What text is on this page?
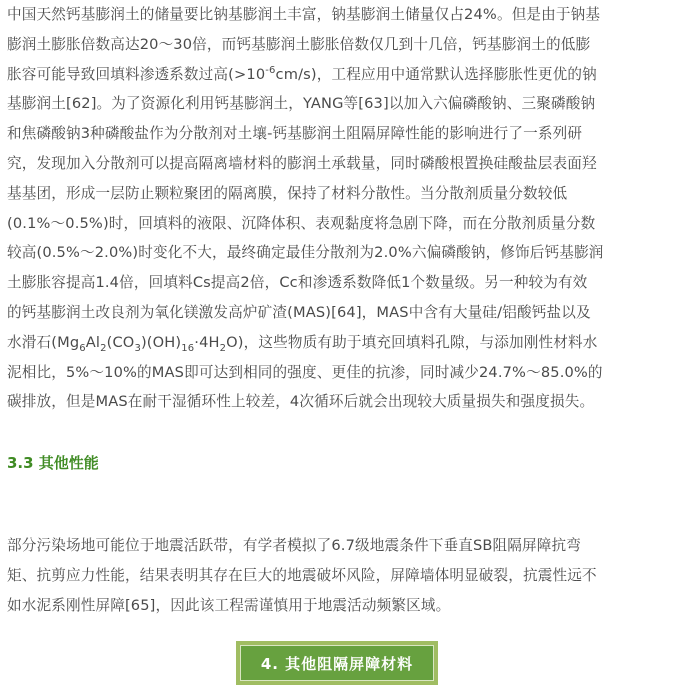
中国天然钙基膨润土的储量要比钠基膨润土丰富，钠基膨润土储量仅占24%。但是由于钠基
膨润土膨胀倍数高达20～30倍，而钙基膨润土膨胀倍数仅几到十几倍，钙基膨润土的低膨
胀容可能导致回填料渗透系数过高$(>10^{-6}cm/s)$，工程应用中通常默认选择膨胀性更优的钠
基膨润土[62]。为了资源化利用钙基膨润土，YANG等[63]以加入六偏磷酸钠、三聚磷酸钠
和焦磷酸钠3种磷酸盐作为分散剂对土壤-钙基膨润土阻隔屏障性能的影响进行了一系列研
究，发现加入分散剂可以提高隔离墙材料的膨润土承载量，同时磷酸根置换硅酸盐层表面羟
基基团，形成一层防止颗粒聚团的隔离膜，保持了材料分散性。当分散剂质量分数较低
(0.1%～0.5%)时，回填料的液限、沉降体积、表观黏度将急剧下降，而在分散剂质量分数
较高(0.5%～2.0%)时变化不大，最终确定最佳分散剂为2.0%六偏磷酸钠，修饰后钙基膨润
土膨胀容提高1.4倍，回填料Cs提高2倍，Cc和渗透系数降低1个数量级。另一种较为有效
的钙基膨润土改良剂为氧化镁激发高炉矿渣(MAS)[64]，MAS中含有大量硅/铝酸钙盐以及
水滑石$(Mg_6Al_2(CO_3)(OH)_{16}\cdot 4H_2O)$，这些物质有助于填充回填料孔隙，与添加刚性材料水
泥相比，5%～10%的MAS即可达到相同的强度、更佳的抗渗，同时减少24.7%～85.0%的
碳排放，但是MAS在耐干湿循环性上较差，4次循环后就会出现较大质量损失和强度损失。

3.3 其他性能

部分污染场地可能位于地震活跃带，有学者模拟了6.7级地震条件下垂直SB阻隔屏障抗弯
矩、抗剪应力性能，结果表明其存在巨大的地震破坏风险，屏障墙体明显破裂，抗震性远不
如水泥系刚性屏障[65]，因此该工程需谨慎用于地震活动频繁区域。

4. 其他阻隔屏障材料
